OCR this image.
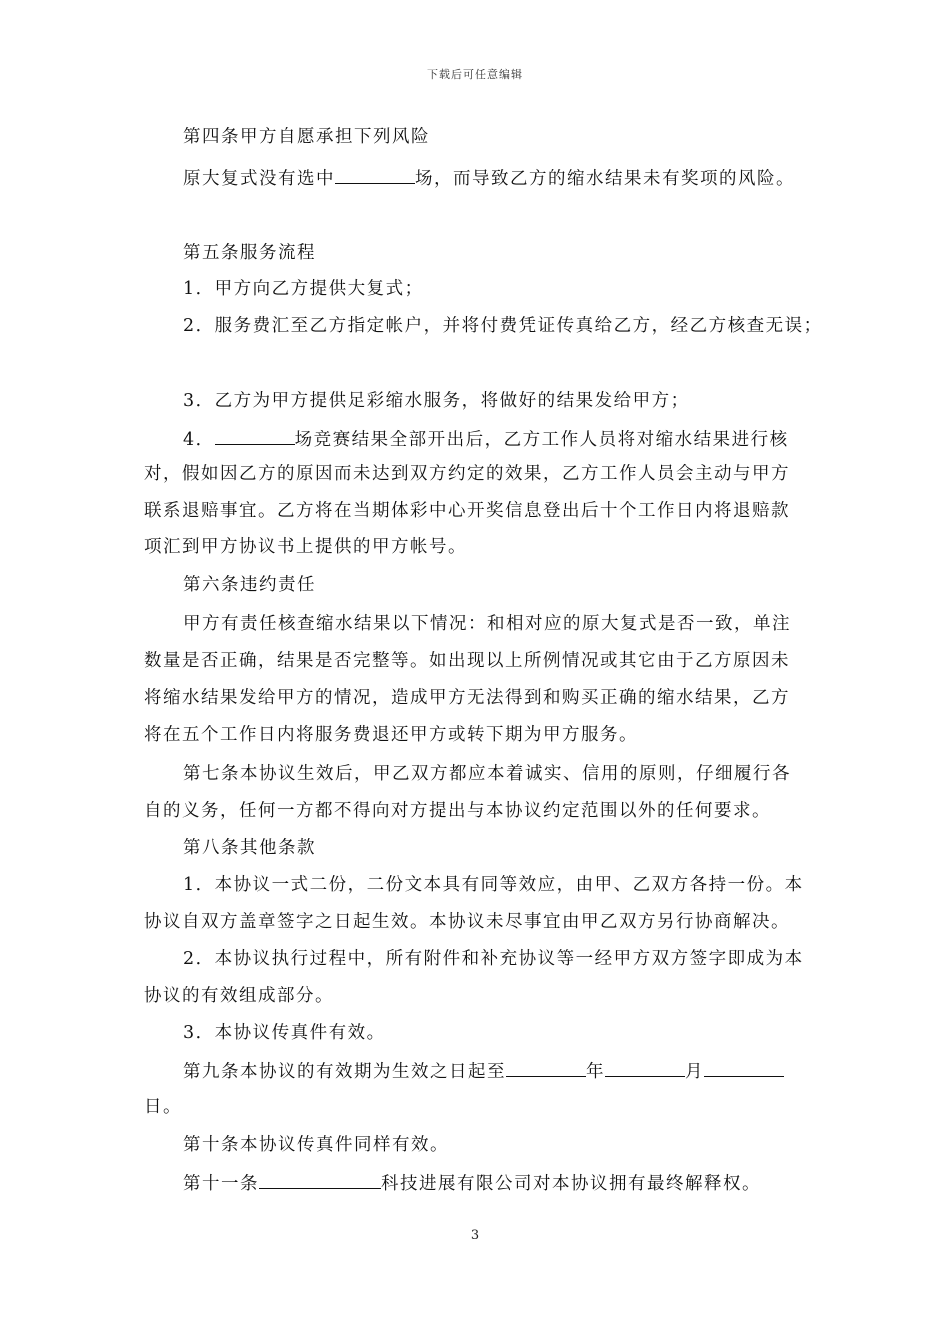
下载后可任意编辑
第四条甲方自愿承担下列风险
原大复式没有选中	场，而导致乙方的缩水结果未有奖项的风险。
第五条服务流程
1．甲方向乙方提供大复式；
2．服务费汇至乙方指定帐户，并将付费凭证传真给乙方，经乙方核查无误；
3．乙方为甲方提供足彩缩水服务，将做好的结果发给甲方；
4．	场竞赛结果全部开出后，乙方工作人员将对缩水结果进行核
对，假如因乙方的原因而未达到双方约定的效果，乙方工作人员会主动与甲方
联系退赔事宜。乙方将在当期体彩中心开奖信息登出后十个工作日内将退赔款
项汇到甲方协议书上提供的甲方帐号。
第六条违约责任
甲方有责任核查缩水结果以下情况：和相对应的原大复式是否一致，单注
数量是否正确，结果是否完整等。如出现以上所例情况或其它由于乙方原因未
将缩水结果发给甲方的情况，造成甲方无法得到和购买正确的缩水结果，乙方
将在五个工作日内将服务费退还甲方或转下期为甲方服务。
第七条本协议生效后，甲乙双方都应本着诚实、信用的原则，仔细履行各
自的义务，任何一方都不得向对方提出与本协议约定范围以外的任何要求。
第八条其他条款
1．本协议一式二份，二份文本具有同等效应，由甲、乙双方各持一份。本
协议自双方盖章签字之日起生效。本协议未尽事宜由甲乙双方另行协商解决。
2．本协议执行过程中，所有附件和补充协议等一经甲方双方签字即成为本
协议的有效组成部分。
3．本协议传真件有效。
第九条本协议的有效期为生效之日起至	年	月
日。
第十条本协议传真件同样有效。
第十一条	科技进展有限公司对本协议拥有最终解释权。
3
